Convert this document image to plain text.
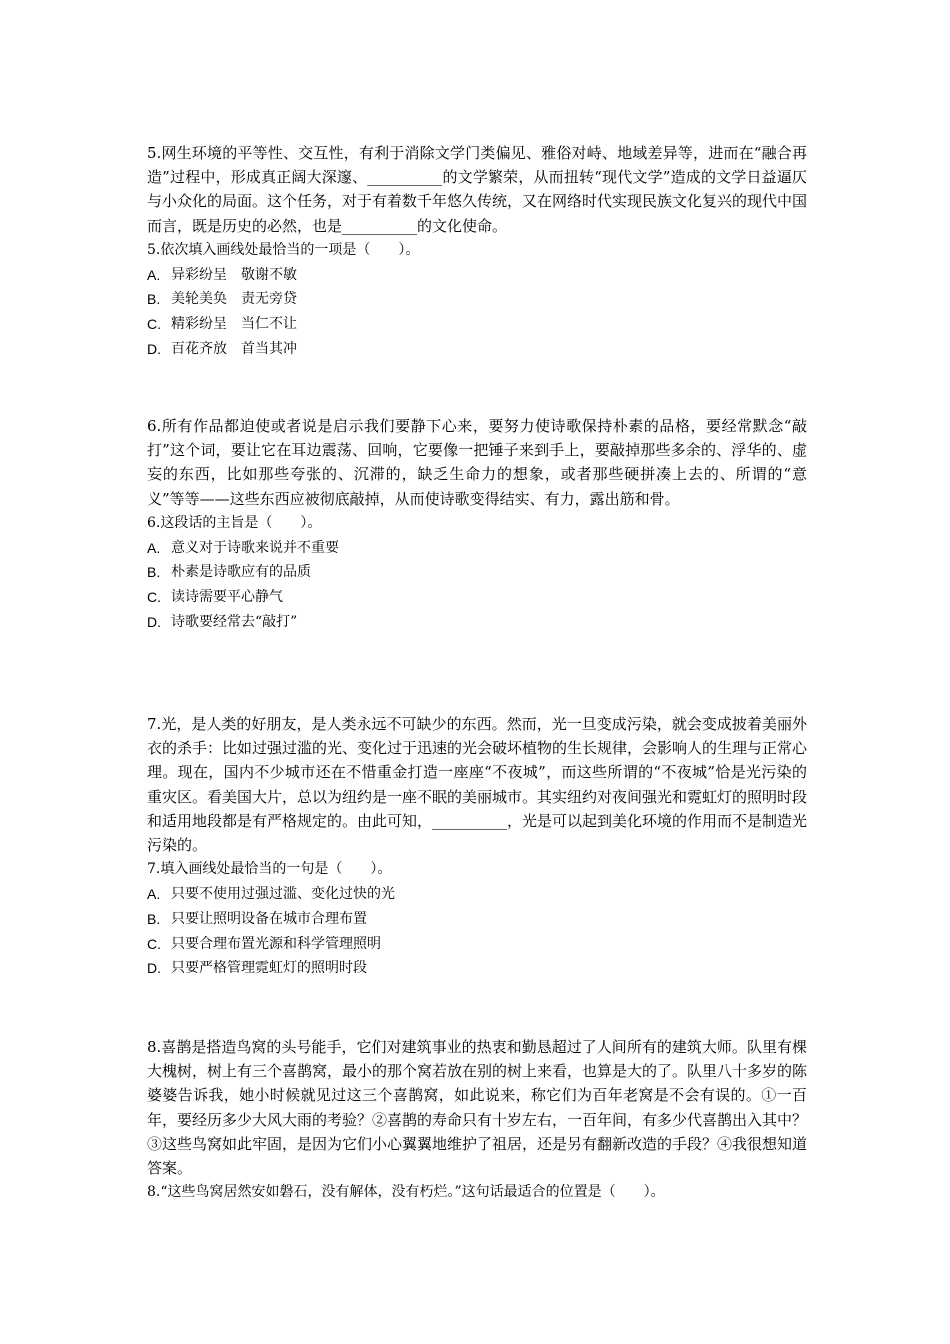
5.网生环境的平等性、交互性，有利于消除文学门类偏见、雅俗对峙、地域差异等，进而在“融合再造”过程中，形成真正阔大深邃、__________的文学繁荣，从而扭转“现代文学”造成的文学日益逼仄与小众化的局面。这个任务，对于有着数千年悠久传统，又在网络时代实现民族文化复兴的现代中国而言，既是历史的必然，也是__________的文化使命。

5.依次填入画线处最恰当的一项是（　　）。

A. 异彩纷呈　敬谢不敏
B. 美轮美奂　责无旁贷
C. 精彩纷呈　当仁不让
D. 百花齐放　首当其冲

6.所有作品都迫使或者说是启示我们要静下心来，要努力使诗歌保持朴素的品格，要经常默念“敲打”这个词，要让它在耳边震荡、回响，它要像一把锤子来到手上，要敲掉那些多余的、浮华的、虚妄的东西，比如那些夸张的、沉滞的，缺乏生命力的想象，或者那些硬拼凑上去的、所谓的“意义”等等——这些东西应被彻底敲掉，从而使诗歌变得结实、有力，露出筋和骨。

6.这段话的主旨是（　　）。

A. 意义对于诗歌来说并不重要
B. 朴素是诗歌应有的品质
C. 读诗需要平心静气
D. 诗歌要经常去“敲打”

7.光，是人类的好朋友，是人类永远不可缺少的东西。然而，光一旦变成污染，就会变成披着美丽外衣的杀手：比如过强过滥的光、变化过于迅速的光会破坏植物的生长规律，会影响人的生理与正常心理。现在，国内不少城市还在不惜重金打造一座座“不夜城”，而这些所谓的“不夜城”恰是光污染的重灾区。看美国大片，总以为纽约是一座不眠的美丽城市。其实纽约对夜间强光和霓虹灯的照明时段和适用地段都是有严格规定的。由此可知，__________，光是可以起到美化环境的作用而不是制造光污染的。

7.填入画线处最恰当的一句是（　　）。

A. 只要不使用过强过滥、变化过快的光
B. 只要让照明设备在城市合理布置
C. 只要合理布置光源和科学管理照明
D. 只要严格管理霓虹灯的照明时段

8.喜鹊是搭造鸟窝的头号能手，它们对建筑事业的热衷和勤恳超过了人间所有的建筑大师。队里有棵大槐树，树上有三个喜鹊窝，最小的那个窝若放在别的树上来看，也算是大的了。队里八十多岁的陈婆婆告诉我，她小时候就见过这三个喜鹊窝，如此说来，称它们为百年老窝是不会有误的。①一百年，要经历多少大风大雨的考验？②喜鹊的寿命只有十岁左右，一百年间，有多少代喜鹊出入其中？③这些鸟窝如此牢固，是因为它们小心翼翼地维护了祖居，还是另有翻新改造的手段？④我很想知道答案。

8.“这些鸟窝居然安如磐石，没有解体，没有朽烂。”这句话最适合的位置是（　　）。
